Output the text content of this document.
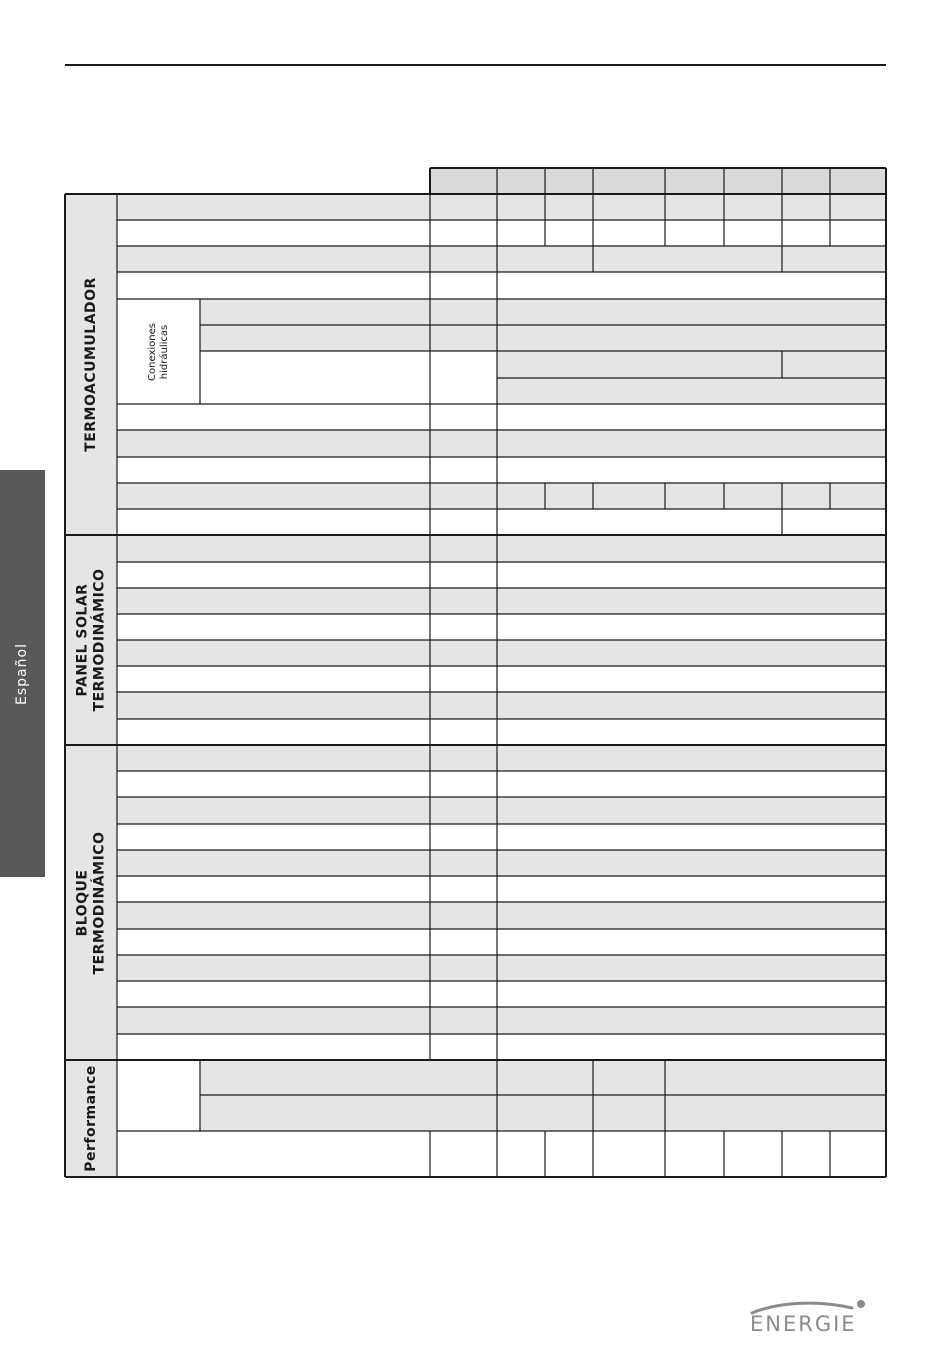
Español
TERMOACUMULADOR
PANEL SOLAR
TERMODINÁMICO
BLOQUE
TERMODINÁMICO
Performance
Conexiones
hidráulicas
ENERGIE
